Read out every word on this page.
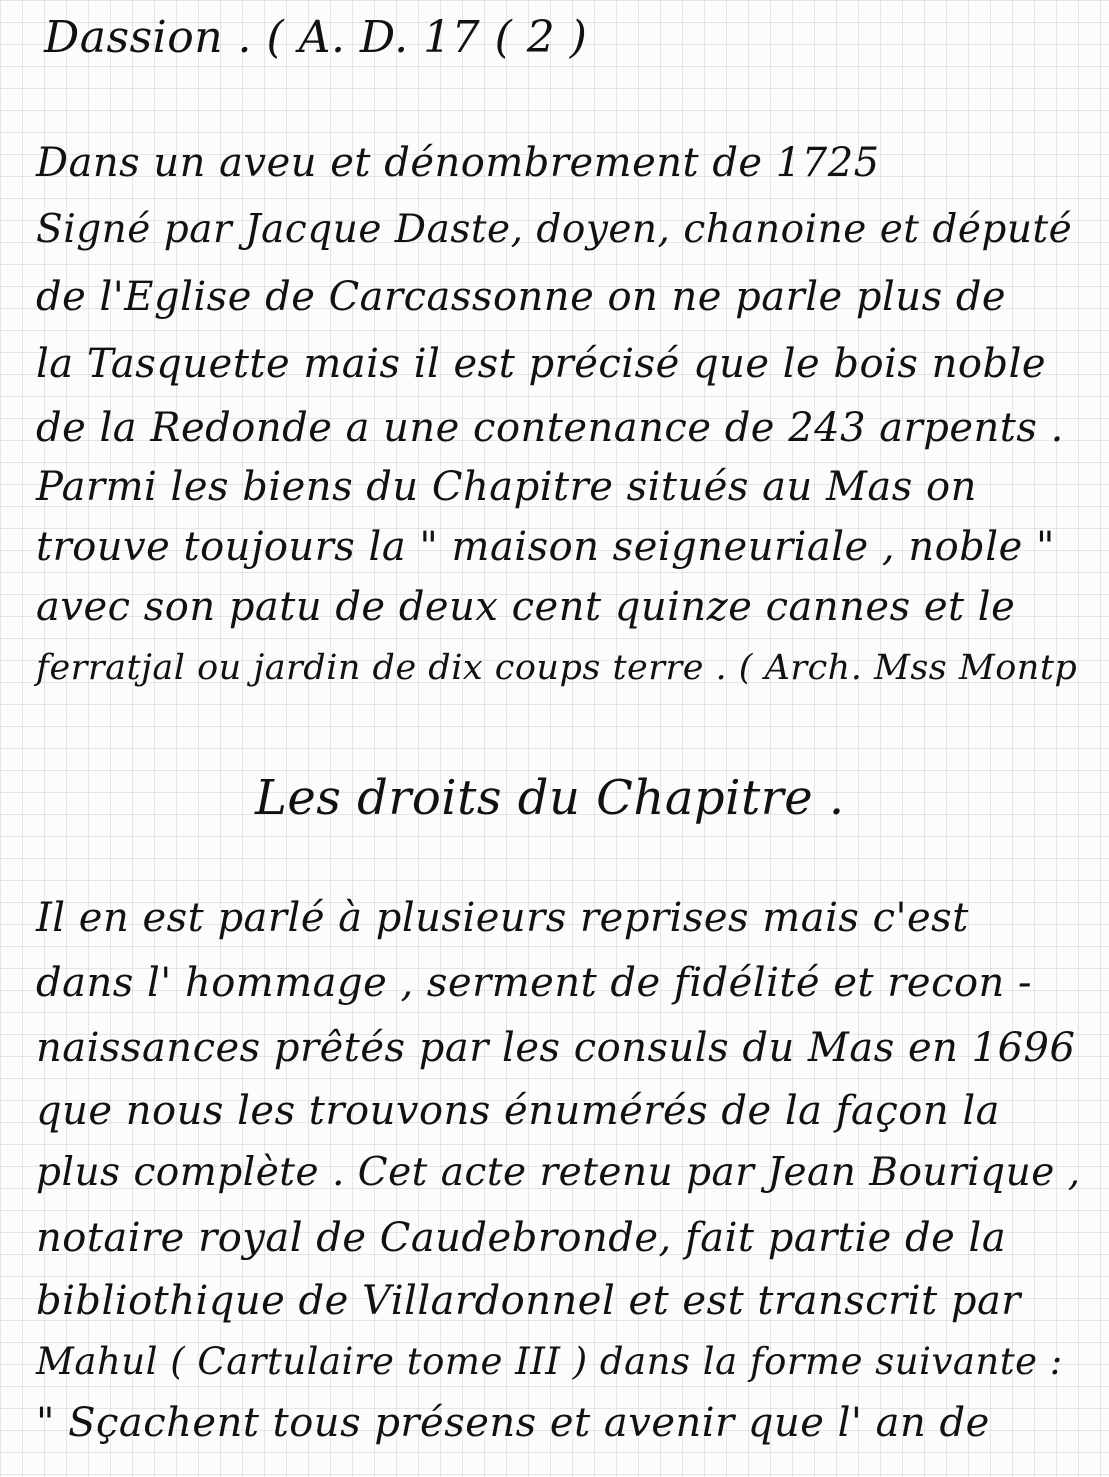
Dassion . ( A. D. 17 ( 2 )
Dans un aveu et dénombrement de 1725
Signé par Jacque Daste, doyen, chanoine et député
de l'Eglise de Carcassonne on ne parle plus de
la Tasquette mais il est précisé que le bois noble
de la Redonde a une contenance de 243 arpents .
Parmi les biens du Chapitre situés au Mas on
trouve toujours la " maison seigneuriale , noble "
avec son patu de deux cent quinze cannes et le
ferratjal ou jardin de dix coups terre . ( Arch. Mss Montp
Les droits du Chapitre .
Il en est parlé à plusieurs reprises mais c'est
dans l' hommage , serment de fidélité et recon -
naissances prêtés par les consuls du Mas en 1696
que nous les trouvons énumérés de la façon la
plus complète . Cet acte retenu par Jean Bourique ,
notaire royal de Caudebronde, fait partie de la
bibliothique de Villardonnel et est transcrit par
Mahul ( Cartulaire tome III ) dans la forme suivante :
" Sçachent tous présens et avenir que l' an de
